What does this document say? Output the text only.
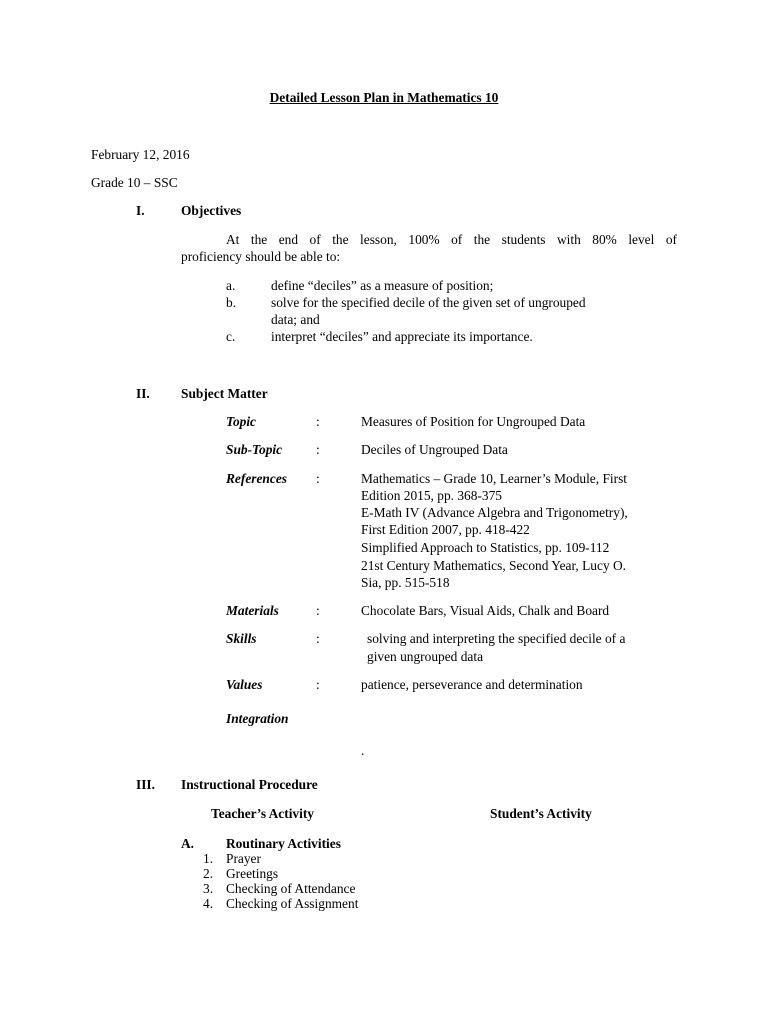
Detailed Lesson Plan in Mathematics 10
February 12, 2016
Grade 10 – SSC
I.	Objectives
At the end of the lesson, 100% of the students with 80% level of
proficiency should be able to:
a.	define “deciles” as a measure of position;
b.	solve for the specified decile of the given set of ungrouped
data; and
c.	interpret “deciles” and appreciate its importance.
II. Subject Matter
Topic	:	Measures of Position for Ungrouped Data
Sub-Topic	:	Deciles of Ungrouped Data
References :	Mathematics – Grade 10, Learner’s Module, First
Edition 2015, pp. 368-375
E-Math IV (Advance Algebra and Trigonometry),
First Edition 2007, pp. 418-422
Simplified Approach to Statistics, pp. 109-112
21st Century Mathematics, Second Year, Lucy O.
Sia, pp. 515-518
Materials	:	Chocolate Bars, Visual Aids, Chalk and Board
Skills	:	solving and interpreting the specified decile of a
given ungrouped data
Values	:	patience, perseverance and determination
Integration
.
III. Instructional Procedure
Teacher’s Activity	Student’s Activity
A. Routinary Activities
1. Prayer
2. Greetings
3. Checking of Attendance
4. Checking of Assignment
